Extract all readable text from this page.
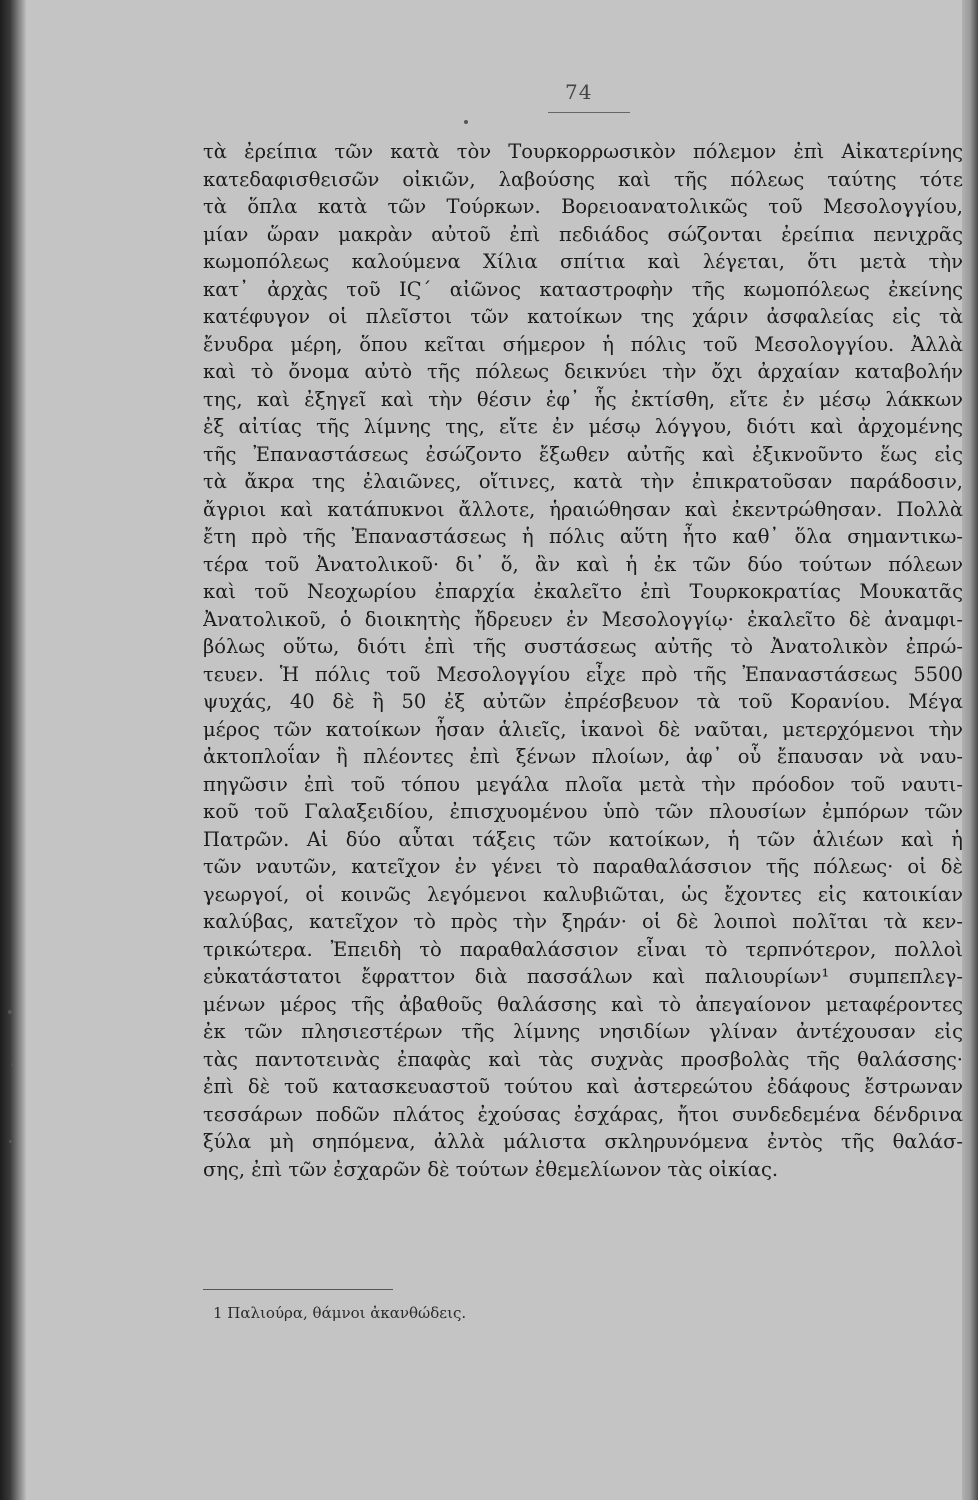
74
τὰ ἐρείπια τῶν κατὰ τὸν Τουρκορρωσικὸν πόλεμον ἐπὶ Αἰκατερίνης
κατεδαφισθεισῶν οἰκιῶν, λαβούσης καὶ τῆς πόλεως ταύτης τότε
τὰ ὅπλα κατὰ τῶν Τούρκων. Βορειοανατολικῶς τοῦ Μεσολογγίου,
μίαν ὥραν μακρὰν αὐτοῦ ἐπὶ πεδιάδος σώζονται ἐρείπια πενιχρᾶς
κωμοπόλεως καλούμενα Χίλια σπίτια καὶ λέγεται, ὅτι μετὰ τὴν
κατ᾽ ἀρχὰς τοῦ ΙϚ΄ αἰῶνος καταστροφὴν τῆς κωμοπόλεως ἐκείνης
κατέφυγον οἱ πλεῖστοι τῶν κατοίκων της χάριν ἀσφαλείας εἰς τὰ
ἔνυδρα μέρη, ὅπου κεῖται σήμερον ἡ πόλις τοῦ Μεσολογγίου. Ἀλλὰ
καὶ τὸ ὄνομα αὐτὸ τῆς πόλεως δεικνύει τὴν ὄχι ἀρχαίαν καταβολήν
της, καὶ ἐξηγεῖ καὶ τὴν θέσιν ἐφ᾽ ἧς ἐκτίσθη, εἴτε ἐν μέσῳ λάκκων
ἐξ αἰτίας τῆς λίμνης της, εἴτε ἐν μέσῳ λόγγου, διότι καὶ ἀρχομένης
τῆς Ἐπαναστάσεως ἐσώζοντο ἔξωθεν αὐτῆς καὶ ἐξικνοῦντο ἕως εἰς
τὰ ἄκρα της ἐλαιῶνες, οἵτινες, κατὰ τὴν ἐπικρατοῦσαν παράδοσιν,
ἄγριοι καὶ κατάπυκνοι ἄλλοτε, ἡραιώθησαν καὶ ἐκεντρώθησαν. Πολλὰ
ἔτη πρὸ τῆς Ἐπαναστάσεως ἡ πόλις αὕτη ἦτο καθ᾽ ὅλα σημαντικω-
τέρα τοῦ Ἀνατολικοῦ· δι᾽ ὅ, ἂν καὶ ἡ ἐκ τῶν δύο τούτων πόλεων
καὶ τοῦ Νεοχωρίου ἐπαρχία ἐκαλεῖτο ἐπὶ Τουρκοκρατίας Μουκατᾶς
Ἀνατολικοῦ, ὁ διοικητὴς ἤδρευεν ἐν Μεσολογγίῳ· ἐκαλεῖτο δὲ ἀναμφι-
βόλως οὕτω, διότι ἐπὶ τῆς συστάσεως αὐτῆς τὸ Ἀνατολικὸν ἐπρώ-
τευεν. Ἡ πόλις τοῦ Μεσολογγίου εἶχε πρὸ τῆς Ἐπαναστάσεως 5500
ψυχάς, 40 δὲ ἢ 50 ἐξ αὐτῶν ἐπρέσβευον τὰ τοῦ Κορανίου. Μέγα
μέρος τῶν κατοίκων ἦσαν ἁλιεῖς, ἱκανοὶ δὲ ναῦται, μετερχόμενοι τὴν
ἀκτοπλοΐαν ἢ πλέοντες ἐπὶ ξένων πλοίων, ἀφ᾽ οὗ ἔπαυσαν νὰ ναυ-
πηγῶσιν ἐπὶ τοῦ τόπου μεγάλα πλοῖα μετὰ τὴν πρόοδον τοῦ ναυτι-
κοῦ τοῦ Γαλαξειδίου, ἐπισχυομένου ὑπὸ τῶν πλουσίων ἐμπόρων τῶν
Πατρῶν. Αἱ δύο αὗται τάξεις τῶν κατοίκων, ἡ τῶν ἁλιέων καὶ ἡ
τῶν ναυτῶν, κατεῖχον ἐν γένει τὸ παραθαλάσσιον τῆς πόλεως· οἱ δὲ
γεωργοί, οἱ κοινῶς λεγόμενοι καλυβιῶται, ὡς ἔχοντες εἰς κατοικίαν
καλύβας, κατεῖχον τὸ πρὸς τὴν ξηράν· οἱ δὲ λοιποὶ πολῖται τὰ κεν-
τρικώτερα. Ἐπειδὴ τὸ παραθαλάσσιον εἶναι τὸ τερπνότερον, πολλοὶ
εὐκατάστατοι ἔφραττον διὰ πασσάλων καὶ παλιουρίων¹ συμπεπλεγ-
μένων μέρος τῆς ἀβαθοῦς θαλάσσης καὶ τὸ ἀπεγαίονον μεταφέροντες
ἐκ τῶν πλησιεστέρων τῆς λίμνης νησιδίων γλίναν ἀντέχουσαν εἰς
τὰς παντοτεινὰς ἐπαφὰς καὶ τὰς συχνὰς προσβολὰς τῆς θαλάσσης·
ἐπὶ δὲ τοῦ κατασκευαστοῦ τούτου καὶ ἀστερεώτου ἐδάφους ἔστρωναν
τεσσάρων ποδῶν πλάτος ἐχούσας ἐσχάρας, ἤτοι συνδεδεμένα δένδρινα
ξύλα μὴ σηπόμενα, ἀλλὰ μάλιστα σκληρυνόμενα ἐντὸς τῆς θαλάσ-
σης, ἐπὶ τῶν ἐσχαρῶν δὲ τούτων ἐθεμελίωνον τὰς οἰκίας.
1 Παλιούρα, θάμνοι ἀκανθώδεις.
